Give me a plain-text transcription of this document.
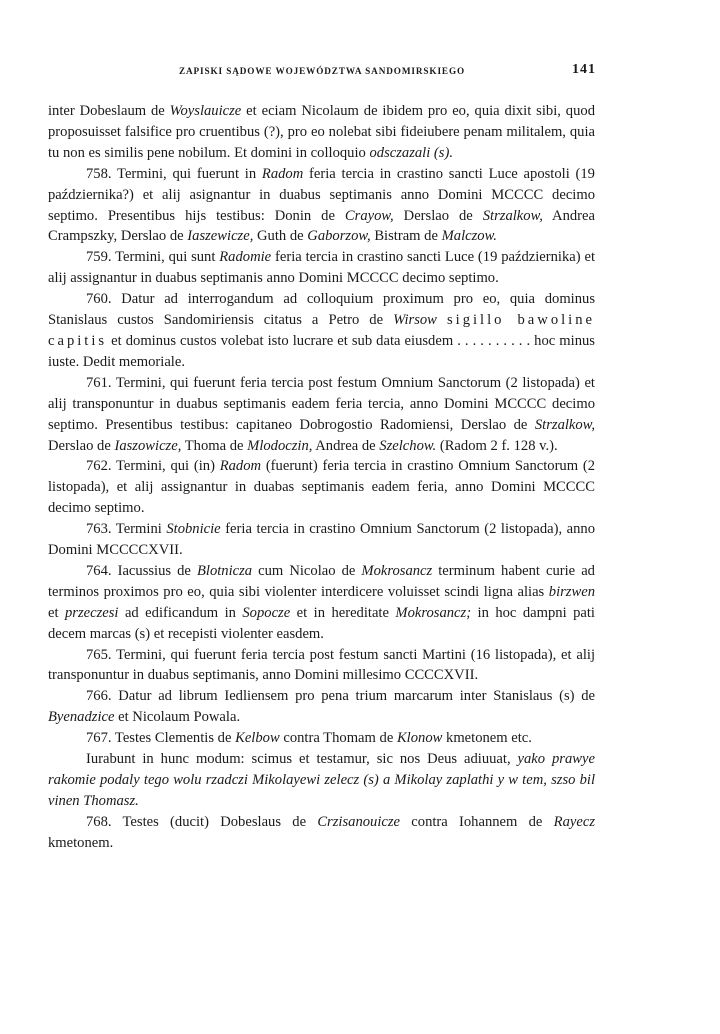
ZAPISKI SĄDOWE WOJEWÓDZTWA SANDOMIRSKIEGO	141

inter Dobeslaum de Woyslauicze et eciam Nicolaum de ibidem pro eo, quia dixit sibi, quod proposuisset falsifice pro cruentibus (?), pro eo nolebat sibi fideiubere penam militalem, quia tu non es similis pene nobilum. Et domini in colloquio odsczazali (s).

758. Termini, qui fuerunt in Radom feria tercia in crastino sancti Luce apostoli (19 października?) et alij asignantur in duabus septimanis anno Domini MCCCC decimo septimo. Presentibus hijs testibus: Donin de Crayow, Derslao de Strzalkow, Andrea Crampszky, Derslao de Iaszewicze, Guth de Gaborzow, Bistram de Malczow.

759. Termini, qui sunt Radomie feria tercia in crastino sancti Luce (19 października) et alij assignantur in duabus septimanis anno Domini MCCCC decimo septimo.

760. Datur ad interrogandum ad colloquium proximum pro eo, quia dominus Stanislaus custos Sandomiriensis citatus a Petro de Wirsow sigillo bawoline capitis et dominus custos volebat isto lucrare et sub data eiusdem . . . . . . . . . . hoc minus iuste. Dedit memoriale.

761. Termini, qui fuerunt feria tercia post festum Omnium Sanctorum (2 listopada) et alij transponuntur in duabus septimanis eadem feria tercia, anno Domini MCCCC decimo septimo. Presentibus testibus: capitaneo Dobrogostio Radomiensi, Derslao de Strzalkow, Derslao de Iaszowicze, Thoma de Mlodoczin, Andrea de Szelchow. (Radom 2 f. 128 v.).

762. Termini, qui (in) Radom (fuerunt) feria tercia in crastino Omnium Sanctorum (2 listopada), et alij assignantur in duabas septimanis eadem feria, anno Domini MCCCC decimo septimo.

763. Termini Stobnicie feria tercia in crastino Omnium Sanctorum (2 listopada), anno Domini MCCCCXVII.

764. Iacussius de Blotnicza cum Nicolao de Mokrosancz terminum habent curie ad terminos proximos pro eo, quia sibi violenter interdicere voluisset scindi ligna alias birzwen et przeczesi ad edificandum in Sopocze et in hereditate Mokrosancz; in hoc dampni pati decem marcas (s) et recepisti violenter easdem.

765. Termini, qui fuerunt feria tercia post festum sancti Martini (16 listopada), et alij transponuntur in duabus septimanis, anno Domini millesimo CCCCXVII.

766. Datur ad librum Iedliensem pro pena trium marcarum inter Stanislaus (s) de Byenadzice et Nicolaum Powala.

767. Testes Clementis de Kelbow contra Thomam de Klonow kmetonem etc.

Iurabunt in hunc modum: scimus et testamur, sic nos Deus adiuuat, yako prawye rakomie podaly tego wolu rzadczi Mikolayewi zelecz (s) a Mikolay zaplathi y w tem, szso bil vinen Thomasz.

768. Testes (ducit) Dobeslaus de Crzisanouicze contra Iohannem de Rayecz kmetonem.
